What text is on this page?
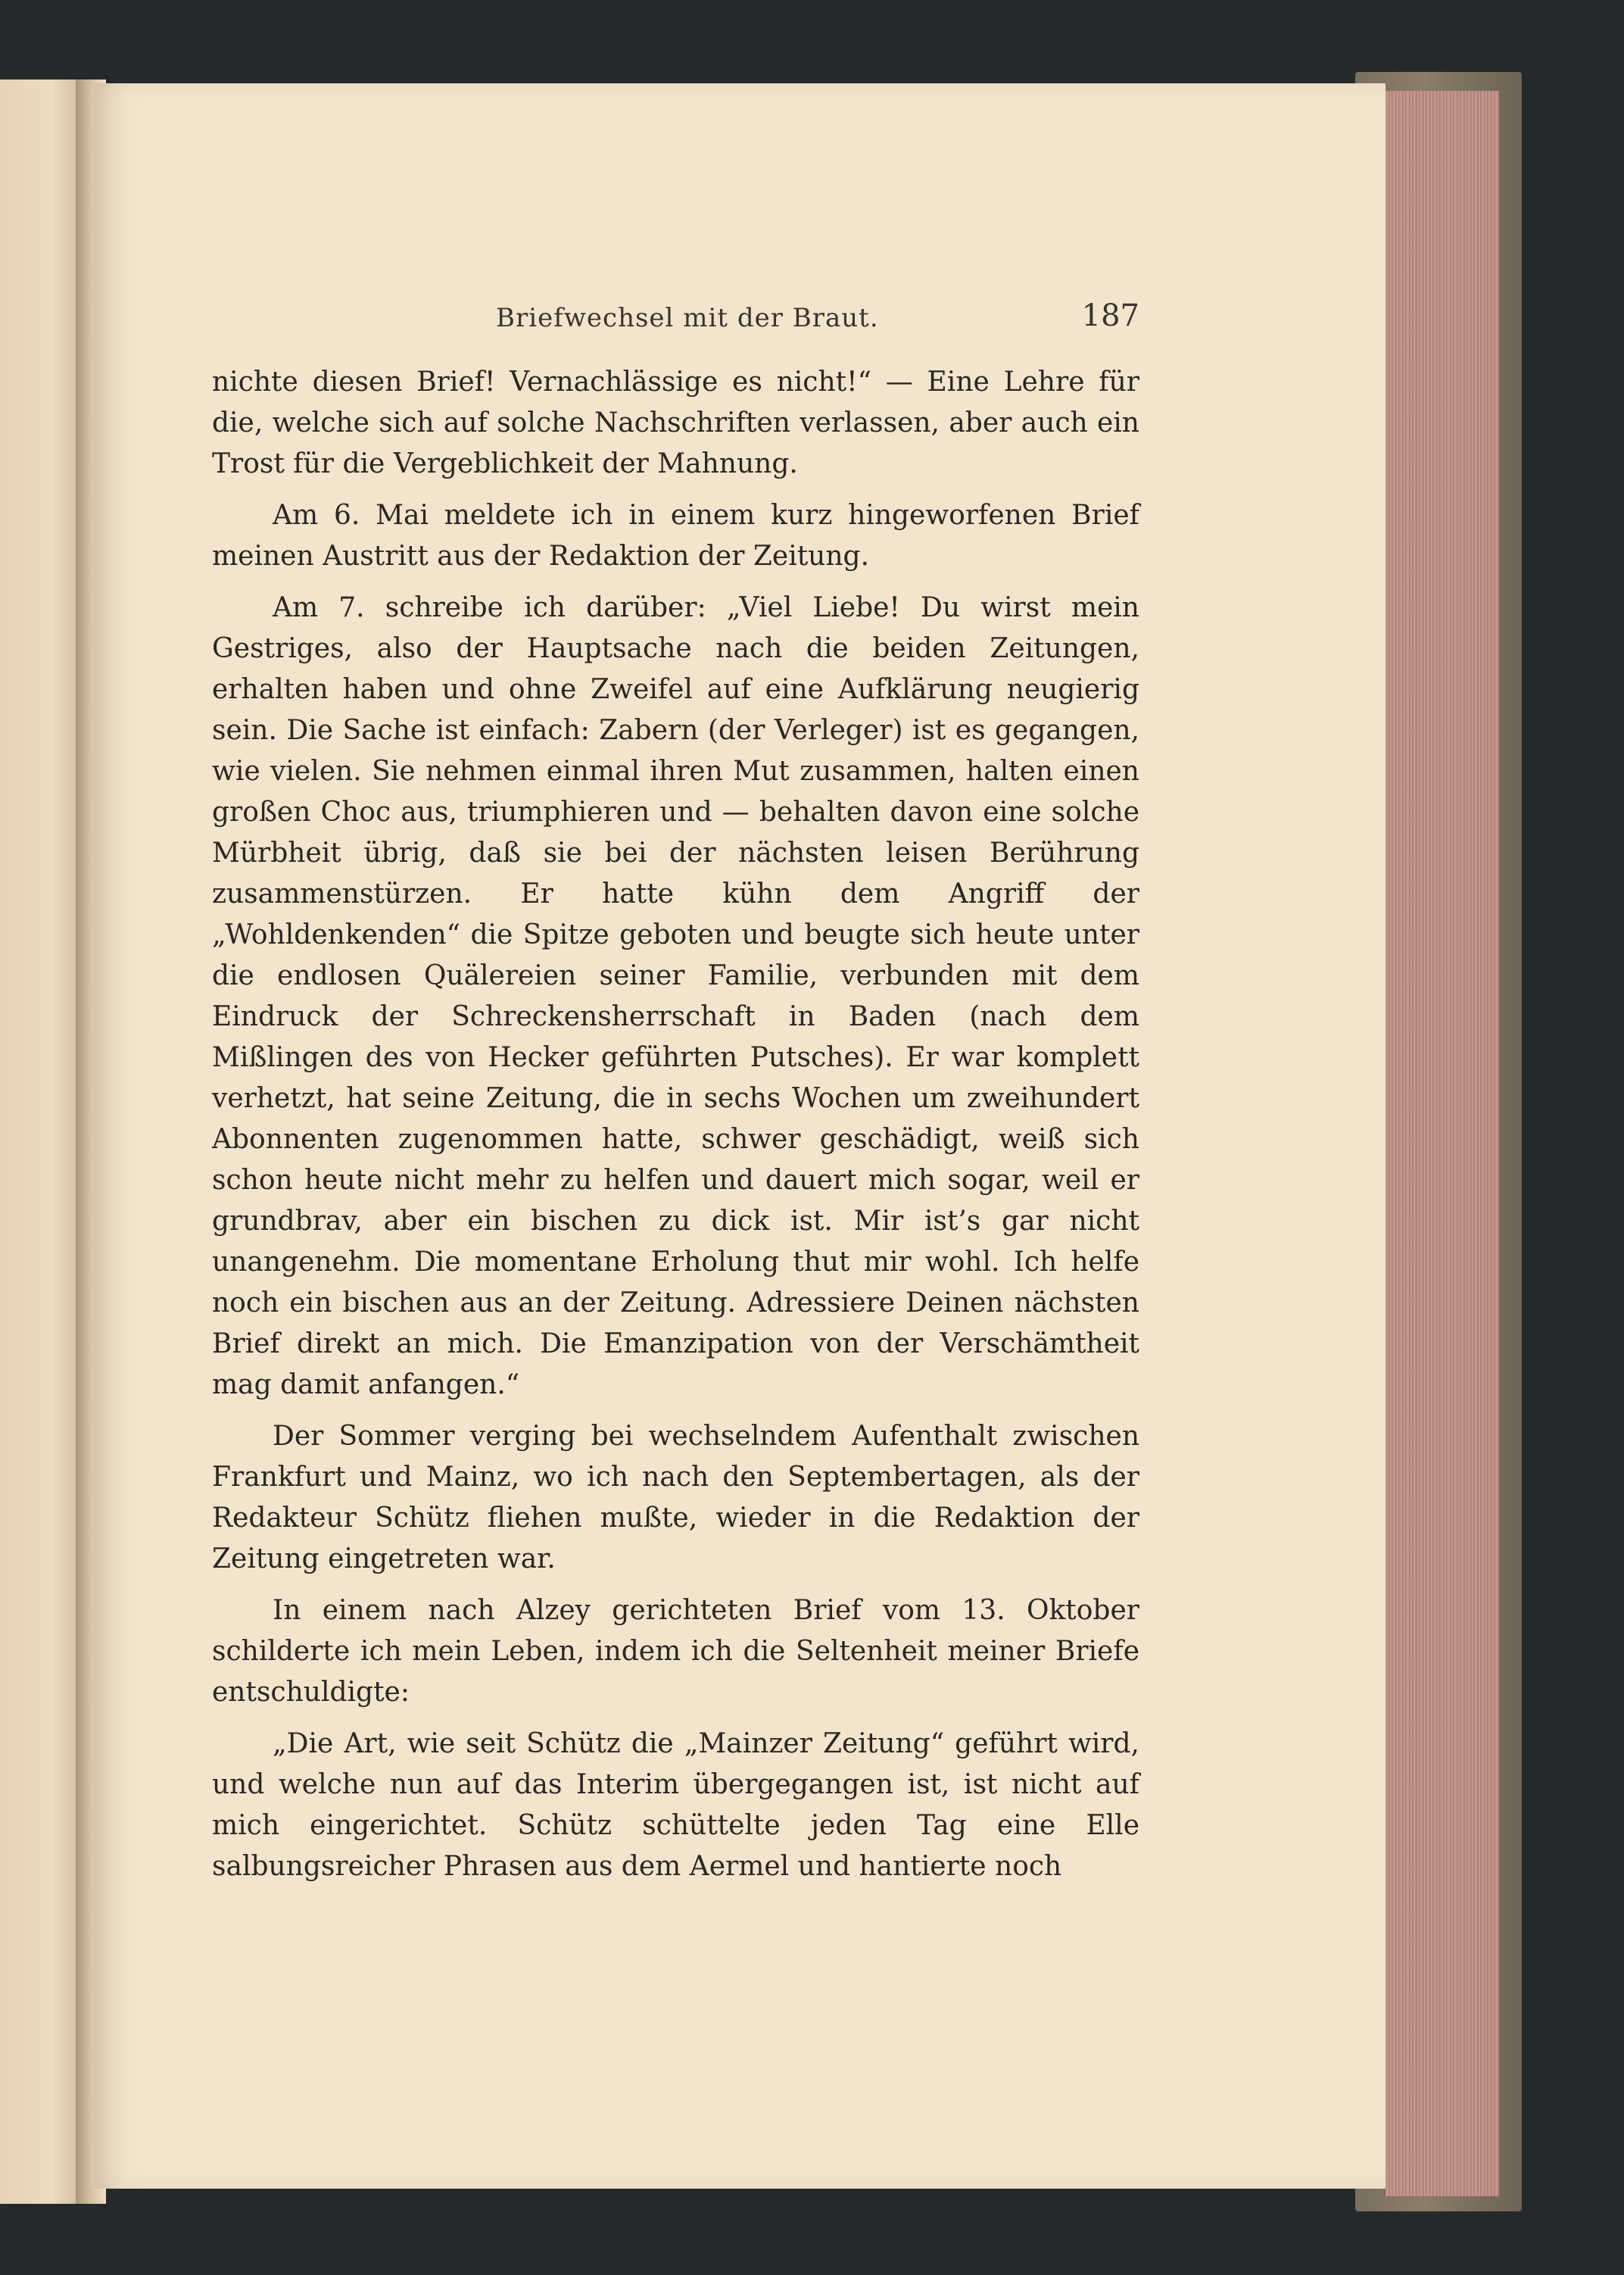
Briefwechsel mit der Braut.	187

nichte diesen Brief! Vernachlässige es nicht!“ — Eine Lehre für die, welche sich auf solche Nachschriften verlassen, aber auch ein Trost für die Vergeblichkeit der Mahnung.

Am 6. Mai meldete ich in einem kurz hingeworfenen Brief meinen Austritt aus der Redaktion der Zeitung.

Am 7. schreibe ich darüber: „Viel Liebe! Du wirst mein Gestriges, also der Hauptsache nach die beiden Zeitungen, erhalten haben und ohne Zweifel auf eine Aufklärung neugierig sein. Die Sache ist einfach: Zabern (der Verleger) ist es gegangen, wie vielen. Sie nehmen einmal ihren Mut zusammen, halten einen großen Choc aus, triumphieren und — behalten davon eine solche Mürbheit übrig, daß sie bei der nächsten leisen Berührung zusammenstürzen. Er hatte kühn dem Angriff der „Wohldenkenden“ die Spitze geboten und beugte sich heute unter die endlosen Quälereien seiner Familie, verbunden mit dem Eindruck der Schreckensherrschaft in Baden (nach dem Mißlingen des von Hecker geführten Putsches). Er war komplett verhetzt, hat seine Zeitung, die in sechs Wochen um zweihundert Abonnenten zugenommen hatte, schwer geschädigt, weiß sich schon heute nicht mehr zu helfen und dauert mich sogar, weil er grundbrav, aber ein bischen zu dick ist. Mir ist’s gar nicht unangenehm. Die momentane Erholung thut mir wohl. Ich helfe noch ein bischen aus an der Zeitung. Adressiere Deinen nächsten Brief direkt an mich. Die Emanzipation von der Verschämtheit mag damit anfangen.“

Der Sommer verging bei wechselndem Aufenthalt zwischen Frankfurt und Mainz, wo ich nach den Septembertagen, als der Redakteur Schütz fliehen mußte, wieder in die Redaktion der Zeitung eingetreten war.

In einem nach Alzey gerichteten Brief vom 13. Oktober schilderte ich mein Leben, indem ich die Seltenheit meiner Briefe entschuldigte:

„Die Art, wie seit Schütz die „Mainzer Zeitung“ geführt wird, und welche nun auf das Interim übergegangen ist, ist nicht auf mich eingerichtet. Schütz schüttelte jeden Tag eine Elle salbungsreicher Phrasen aus dem Aermel und hantierte noch
